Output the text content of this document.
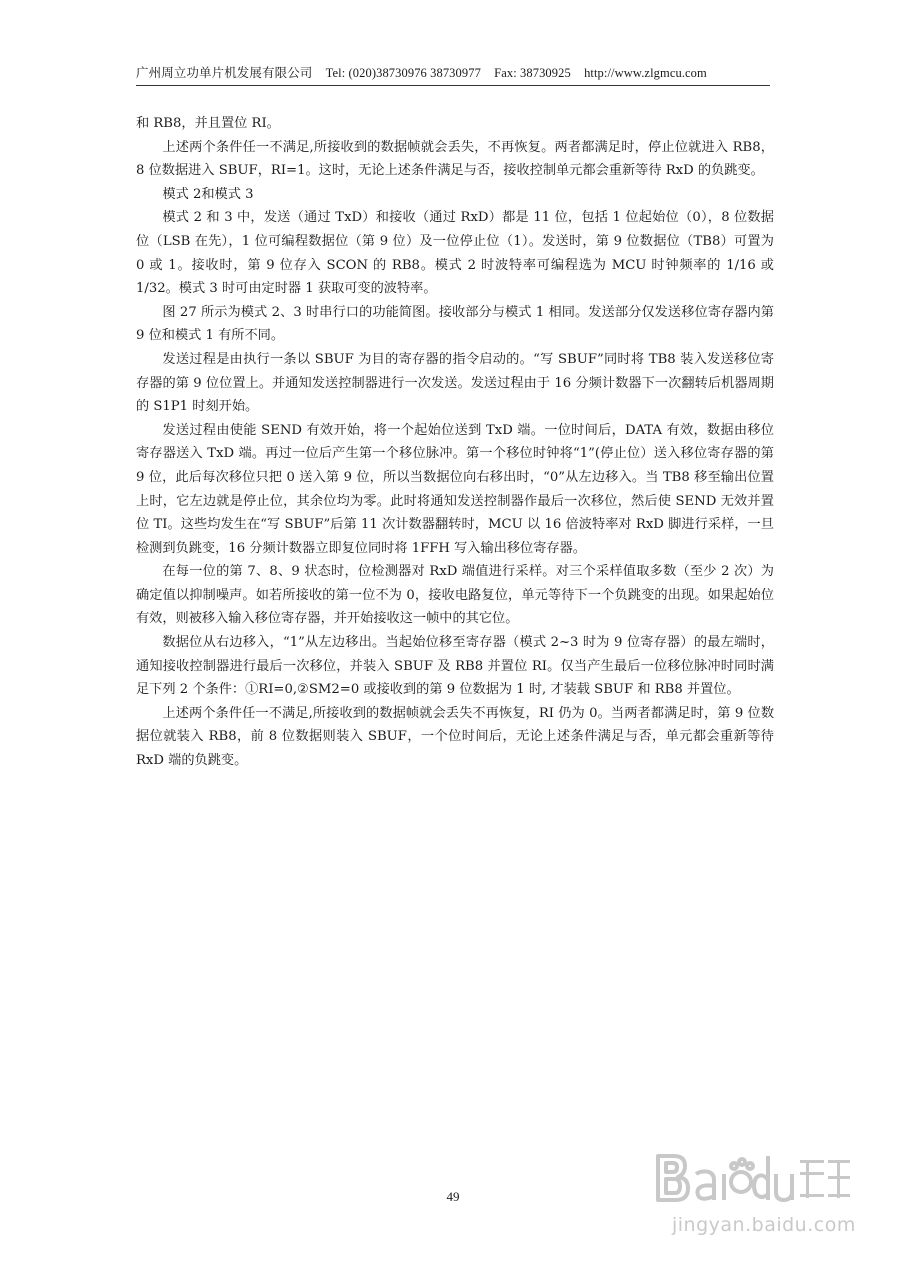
广州周立功单片机发展有限公司 Tel: (020)38730976 38730977 Fax: 38730925 http://www.zlgmcu.com

和 RB8，并且置位 RI。

上述两个条件任一不满足,所接收到的数据帧就会丢失，不再恢复。两者都满足时，停止位就进入 RB8，8 位数据进入 SBUF，RI=1。这时，无论上述条件满足与否，接收控制单元都会重新等待 RxD 的负跳变。

模式 2和模式 3

模式 2 和 3 中，发送（通过 TxD）和接收（通过 RxD）都是 11 位，包括 1 位起始位（0），8 位数据位（LSB 在先），1 位可编程数据位（第 9 位）及一位停止位（1）。发送时，第 9 位数据位（TB8）可置为 0 或 1。接收时，第 9 位存入 SCON 的 RB8。模式 2 时波特率可编程选为 MCU 时钟频率的 1/16 或 1/32。模式 3 时可由定时器 1 获取可变的波特率。

图 27 所示为模式 2、3 时串行口的功能简图。接收部分与模式 1 相同。发送部分仅发送移位寄存器内第 9 位和模式 1 有所不同。

发送过程是由执行一条以 SBUF 为目的寄存器的指令启动的。“写 SBUF”同时将 TB8 装入发送移位寄存器的第 9 位位置上。并通知发送控制器进行一次发送。发送过程由于 16 分频计数器下一次翻转后机器周期的 S1P1 时刻开始。

发送过程由使能 SEND 有效开始，将一个起始位送到 TxD 端。一位时间后，DATA 有效，数据由移位寄存器送入 TxD 端。再过一位后产生第一个移位脉冲。第一个移位时钟将“1”(停止位）送入移位寄存器的第 9 位，此后每次移位只把 0 送入第 9 位，所以当数据位向右移出时，“0”从左边移入。当 TB8 移至输出位置上时，它左边就是停止位，其余位均为零。此时将通知发送控制器作最后一次移位，然后使 SEND 无效并置位 TI。这些均发生在“写 SBUF”后第 11 次计数器翻转时，MCU 以 16 倍波特率对 RxD 脚进行采样，一旦检测到负跳变，16 分频计数器立即复位同时将 1FFH 写入输出移位寄存器。

在每一位的第 7、8、9 状态时，位检测器对 RxD 端值进行采样。对三个采样值取多数（至少 2 次）为确定值以抑制噪声。如若所接收的第一位不为 0，接收电路复位，单元等待下一个负跳变的出现。如果起始位有效，则被移入输入移位寄存器，并开始接收这一帧中的其它位。

数据位从右边移入，“1”从左边移出。当起始位移至寄存器（模式 2~3 时为 9 位寄存器）的最左端时，通知接收控制器进行最后一次移位，并装入 SBUF 及 RB8 并置位 RI。仅当产生最后一位移位脉冲时同时满足下列 2 个条件：①RI=0,②SM2=0 或接收到的第 9 位数据为 1 时, 才装载 SBUF 和 RB8 并置位。

上述两个条件任一不满足,所接收到的数据帧就会丢失不再恢复，RI 仍为 0。当两者都满足时，第 9 位数据位就装入 RB8，前 8 位数据则装入 SBUF，一个位时间后，无论上述条件满足与否，单元都会重新等待 RxD 端的负跳变。

49
jingyan.baidu.com
